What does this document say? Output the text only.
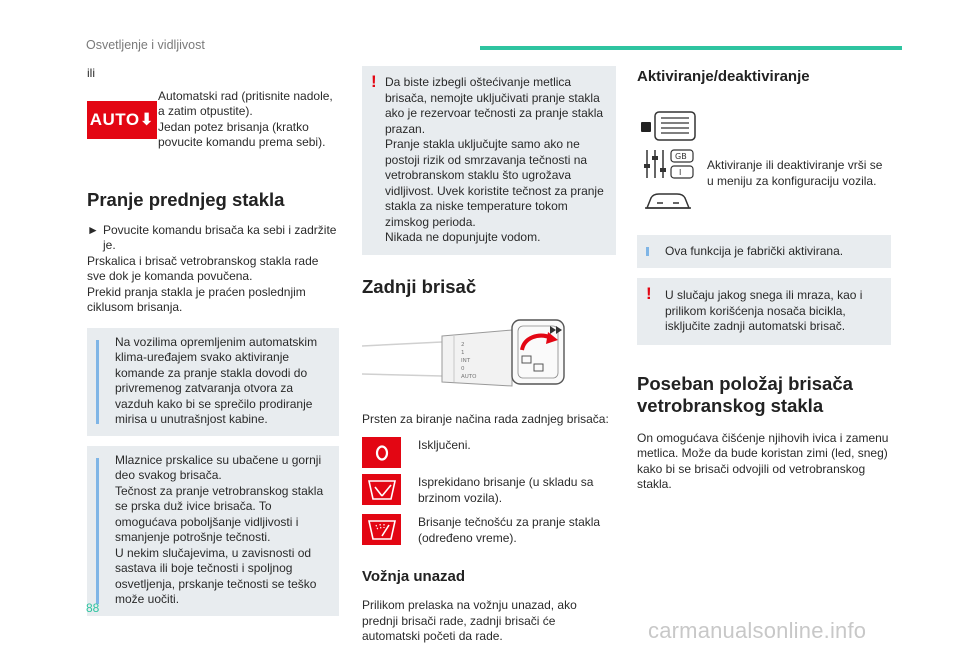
Osvetljenje i vidljivost

ili

AUTO⬇

Automatski rad (pritisnite nadole, a zatim otpustite).
Jedan potez brisanja (kratko povucite komandu prema sebi).

Pranje prednjeg stakla
► Povucite komandu brisača ka sebi i zadržite je.

Prskalica i brisač vetrobranskog stakla rade sve dok je komanda povučena.
Prekid pranja stakla je praćen poslednjim ciklusom brisanja.

Na vozilima opremljenim automatskim klima-uređajem svako aktiviranje komande za pranje stakla dovodi do privremenog zatvaranja otvora za vazduh kako bi se sprečilo prodiranje mirisa u unutrašnjost kabine.

Mlaznice prskalice su ubačene u gornji deo svakog brisača.
Tečnost za pranje vetrobranskog stakla se prska duž ivice brisača. To omogućava poboljšanje vidljivosti i smanjenje potrošnje tečnosti.
U nekim slučajevima, u zavisnosti od sastava ili boje tečnosti i spoljnog osvetljenja, prskanje tečnosti se teško može uočiti.

! Da biste izbegli oštećivanje metlica brisača, nemojte uključivati pranje stakla ako je rezervoar tečnosti za pranje stakla prazan.
Pranje stakla uključujte samo ako ne postoji rizik od smrzavanja tečnosti na vetrobranskom staklu što ugrožava vidljivost. Uvek koristite tečnost za pranje stakla za niske temperature tokom zimskog perioda.
Nikada ne dopunjujte vodom.

Zadnji brisač
2
1
INT
0
AUTO

Prsten za biranje načina rada zadnjeg brisača:

Isključeni.

Isprekidano brisanje (u skladu sa brzinom vozila).

Brisanje tečnošću za pranje stakla (određeno vreme).

Vožnja unazad

Prilikom prelaska na vožnju unazad, ako prednji brisači rade, zadnji brisači će automatski početi da rade.

Aktiviranje/deaktiviranje
GB
I

Aktiviranje ili deaktiviranje vrši se u meniju za konfiguraciju vozila.

Ova funkcija je fabrički aktivirana.

! U slučaju jakog snega ili mraza, kao i prilikom korišćenja nosača bicikla, isključite zadnji automatski brisač.

Poseban položaj brisača vetrobranskog stakla

On omogućava čišćenje njihovih ivica i zamenu metlica. Može da bude koristan zimi (led, sneg) kako bi se brisači odvojili od vetrobranskog stakla.

88
carmanualsonline.info
